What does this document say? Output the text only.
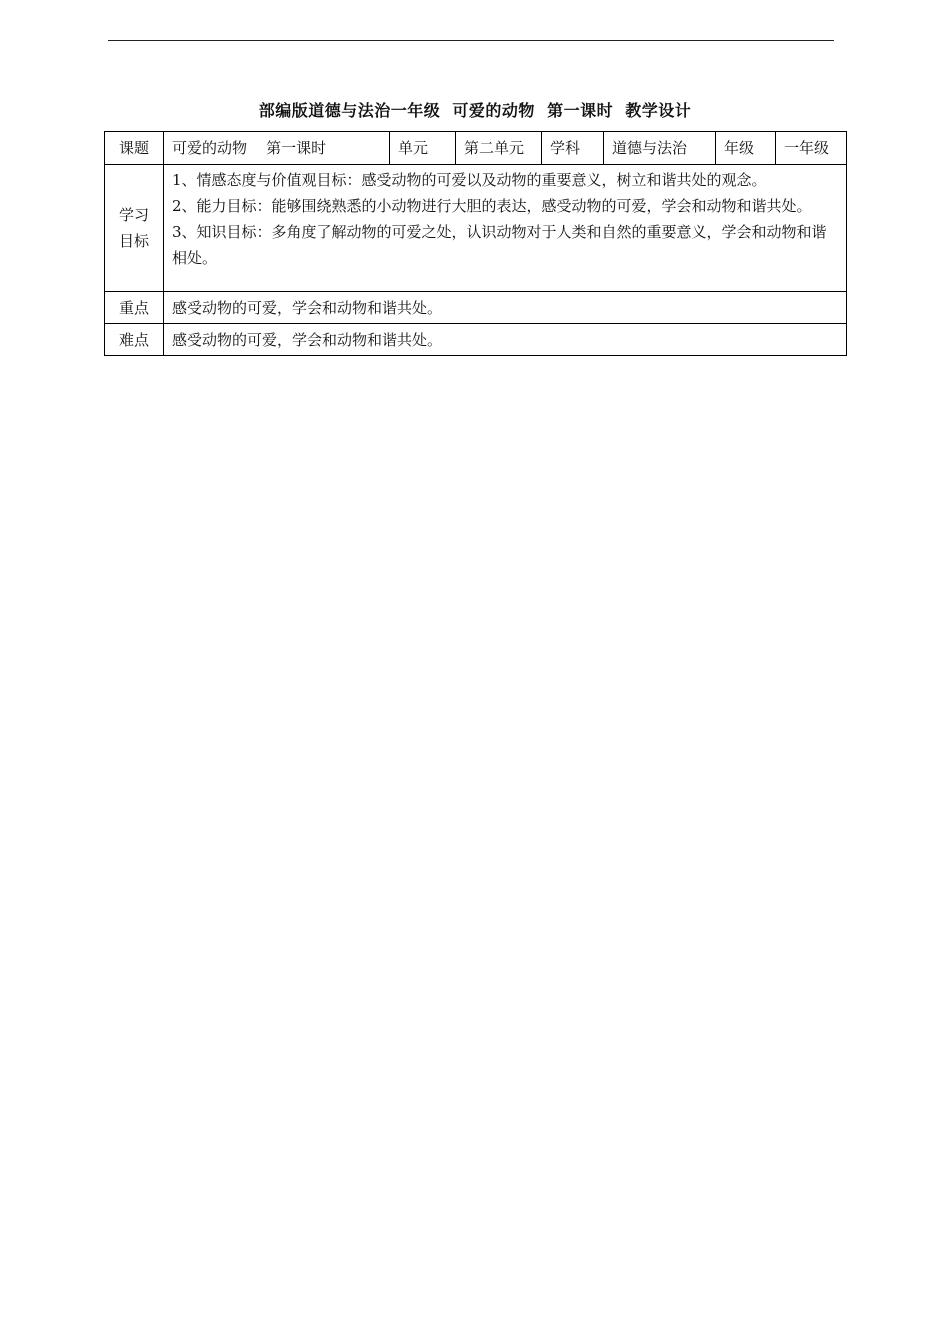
部编版道德与法治一年级  可爱的动物  第一课时  教学设计
课题	可爱的动物    第一课时	单元	第二单元	学科	道德与法治	年级	一年级

学习
目标	1、情感态度与价值观目标：感受动物的可爱以及动物的重要意义，树立和谐共处的观念。
2、能力目标：能够围绕熟悉的小动物进行大胆的表达，感受动物的可爱，学会和动物和谐共处。
3、知识目标：多角度了解动物的可爱之处，认识动物对于人类和自然的重要意义，学会和动物和谐相处。						

重点	感受动物的可爱，学会和动物和谐共处。						
难点	感受动物的可爱，学会和动物和谐共处。						
